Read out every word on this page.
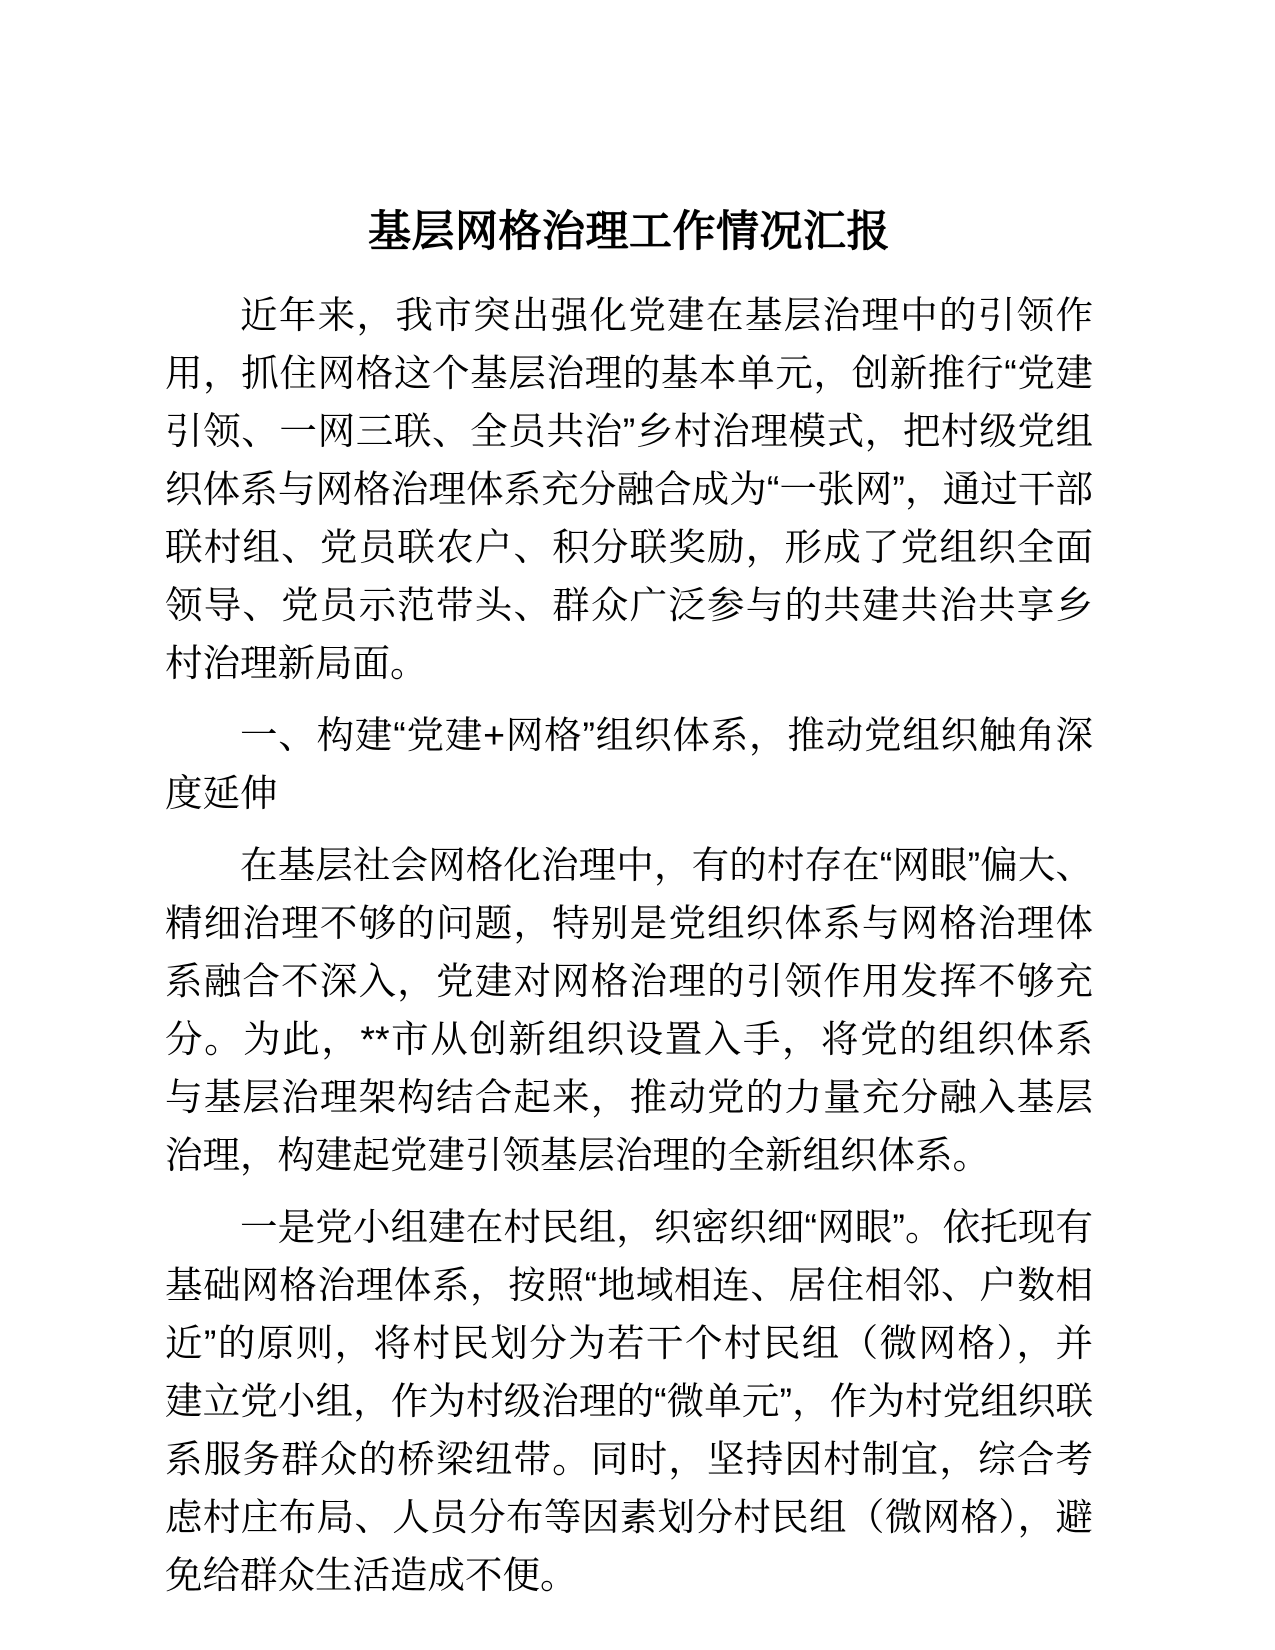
基层网格治理工作情况汇报

近年来，我市突出强化党建在基层治理中的引领作用，抓住网格这个基层治理的基本单元，创新推行“党建引领、一网三联、全员共治”乡村治理模式，把村级党组织体系与网格治理体系充分融合成为“一张网”，通过干部联村组、党员联农户、积分联奖励，形成了党组织全面领导、党员示范带头、群众广泛参与的共建共治共享乡村治理新局面。

一、构建“党建+网格”组织体系，推动党组织触角深度延伸

在基层社会网格化治理中，有的村存在“网眼”偏大、精细治理不够的问题，特别是党组织体系与网格治理体系融合不深入，党建对网格治理的引领作用发挥不够充分。为此，**市从创新组织设置入手，将党的组织体系与基层治理架构结合起来，推动党的力量充分融入基层治理，构建起党建引领基层治理的全新组织体系。

一是党小组建在村民组，织密织细“网眼”。依托现有基础网格治理体系，按照“地域相连、居住相邻、户数相近”的原则，将村民划分为若干个村民组（微网格），并建立党小组，作为村级治理的“微单元”，作为村党组织联系服务群众的桥梁纽带。同时，坚持因村制宜，综合考虑村庄布局、人员分布等因素划分村民组（微网格），避免给群众生活造成不便。
